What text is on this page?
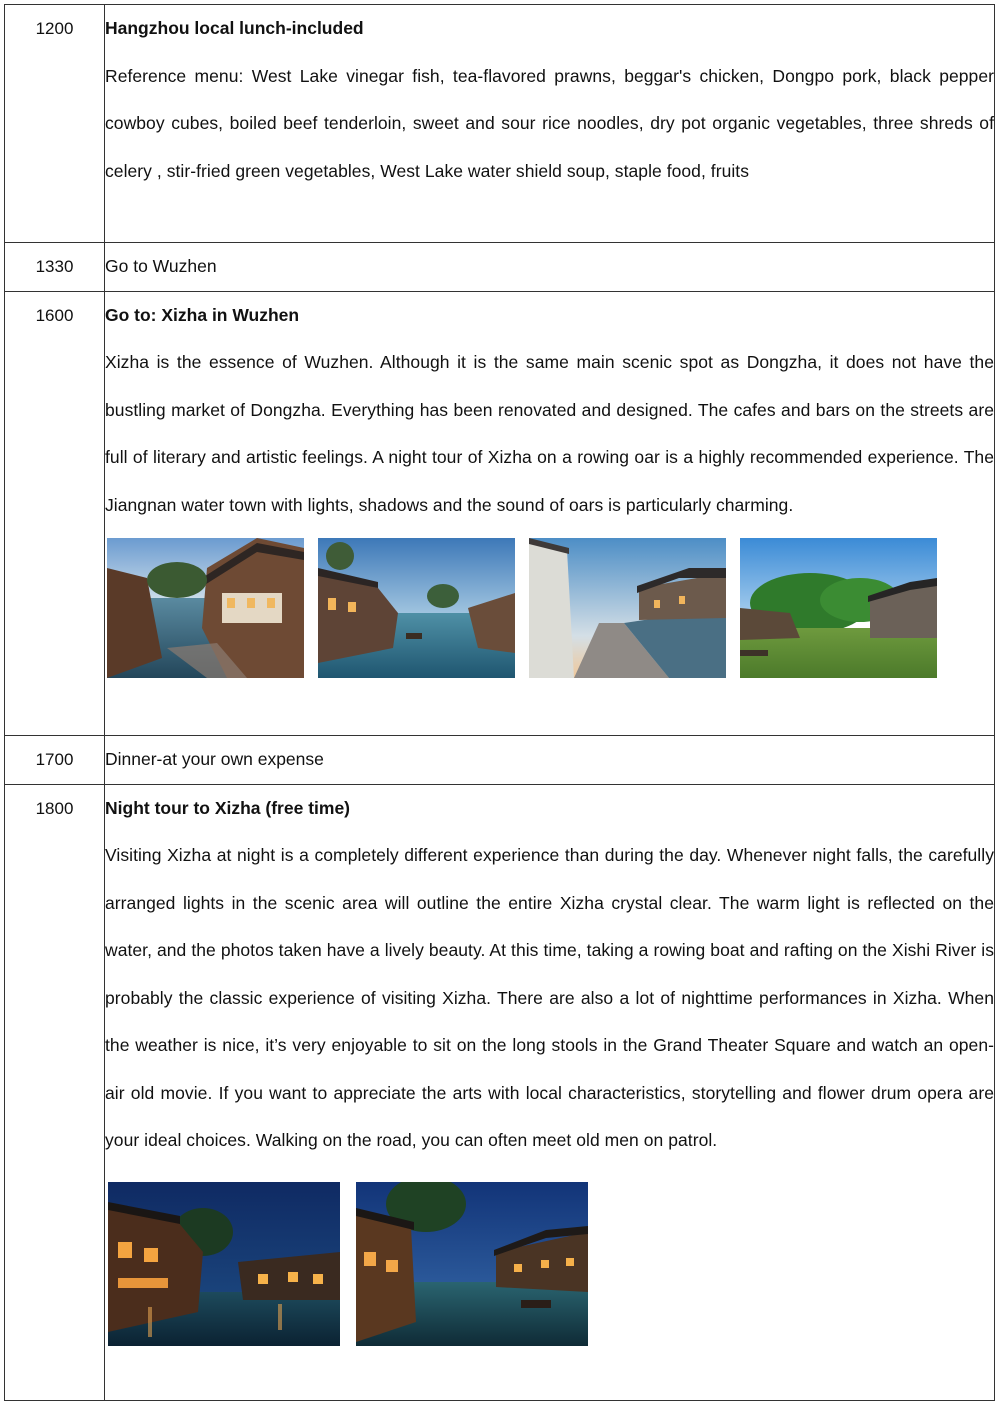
1200	Hangzhou local lunch-included

Reference menu: West Lake vinegar fish, tea-flavored prawns, beggar's chicken, Dongpo pork, black pepper cowboy cubes, boiled beef tenderloin, sweet and sour rice noodles, dry pot organic vegetables, three shreds of celery , stir-fried green vegetables, West Lake water shield soup, staple food, fruits

1330	Go to Wuzhen

1600	Go to: Xizha in Wuzhen

Xizha is the essence of Wuzhen. Although it is the same main scenic spot as Dongzha, it does not have the bustling market of Dongzha. Everything has been renovated and designed. The cafes and bars on the streets are full of literary and artistic feelings. A night tour of Xizha on a rowing oar is a highly recommended experience. The Jiangnan water town with lights, shadows and the sound of oars is particularly charming.

1700	Dinner-at your own expense

1800	Night tour to Xizha (free time)

Visiting Xizha at night is a completely different experience than during the day. Whenever night falls, the carefully arranged lights in the scenic area will outline the entire Xizha crystal clear. The warm light is reflected on the water, and the photos taken have a lively beauty. At this time, taking a rowing boat and rafting on the Xishi River is probably the classic experience of visiting Xizha. There are also a lot of nighttime performances in Xizha. When the weather is nice, it’s very enjoyable to sit on the long stools in the Grand Theater Square and watch an open-air old movie. If you want to appreciate the arts with local characteristics, storytelling and flower drum opera are your ideal choices. Walking on the road, you can often meet old men on patrol.
